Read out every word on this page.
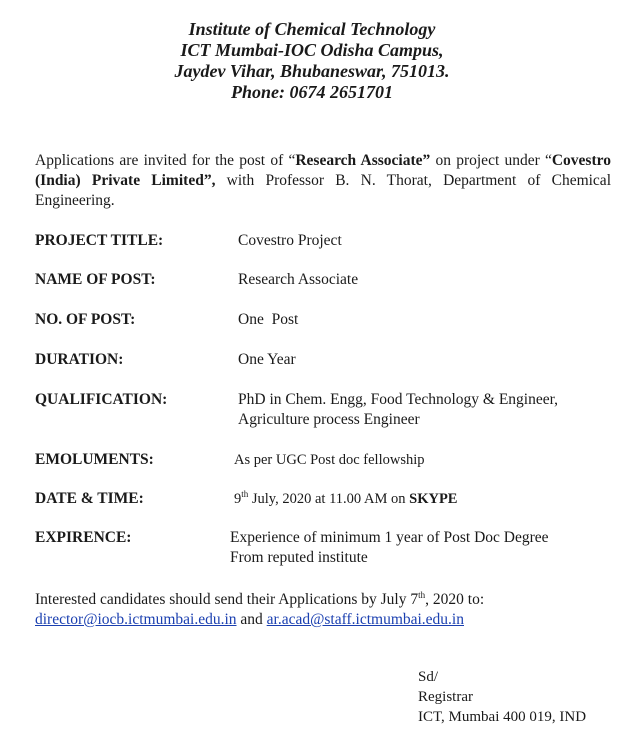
Institute of Chemical Technology
ICT Mumbai-IOC Odisha Campus,
Jaydev Vihar, Bhubaneswar, 751013.
Phone: 0674 2651701
Applications are invited for the post of “Research Associate” on project under “Covestro (India) Private Limited”, with Professor B. N. Thorat, Department of Chemical Engineering.
PROJECT TITLE:	Covestro Project
NAME OF POST:	Research Associate
NO. OF POST:	One  Post
DURATION:	One Year
QUALIFICATION:	PhD in Chem. Engg, Food Technology & Engineer,
Agriculture process Engineer
EMOLUMENTS:	As per UGC Post doc fellowship
DATE & TIME:	9th July, 2020 at 11.00 AM on SKYPE
EXPIRENCE:	Experience of minimum 1 year of Post Doc Degree
From reputed institute
Interested candidates should send their Applications by July 7th, 2020 to:
director@iocb.ictmumbai.edu.in and ar.acad@staff.ictmumbai.edu.in
Sd/
Registrar
ICT, Mumbai 400 019, IND
